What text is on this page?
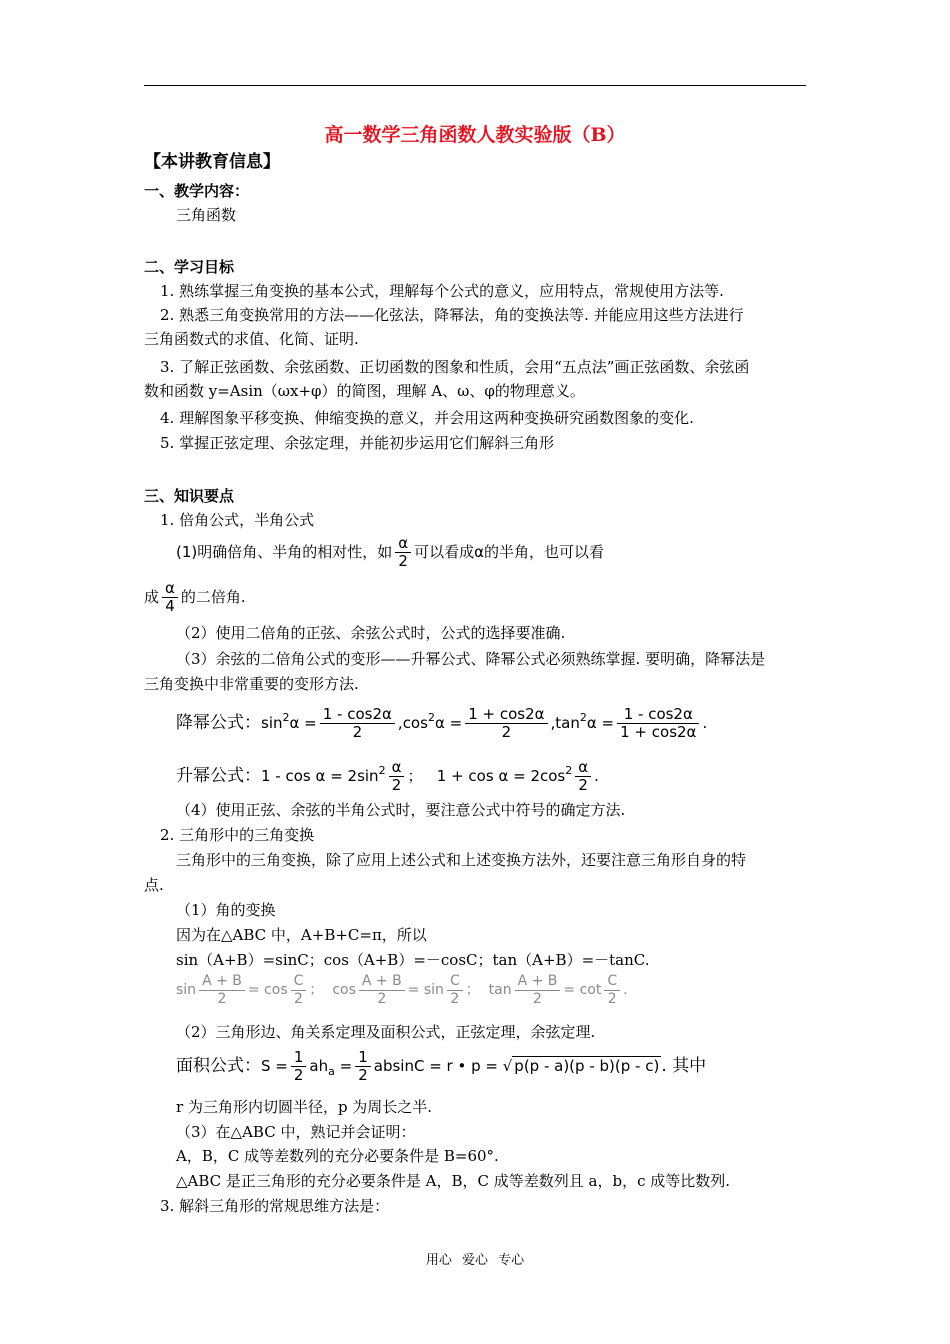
高一数学三角函数人教实验版（B）
【本讲教育信息】
一、教学内容：
三角函数
二、学习目标
1. 熟练掌握三角变换的基本公式，理解每个公式的意义，应用特点，常规使用方法等.
2. 熟悉三角变换常用的方法——化弦法，降幂法，角的变换法等. 并能应用这些方法进行
三角函数式的求值、化简、证明.
3. 了解正弦函数、余弦函数、正切函数的图象和性质，会用“五点法”画正弦函数、余弦函
数和函数 y=Asin（ωx+φ）的简图，理解 A、ω、φ的物理意义。
4. 理解图象平移变换、伸缩变换的意义，并会用这两种变换研究函数图象的变化.
5. 掌握正弦定理、余弦定理，并能初步运用它们解斜三角形
三、知识要点
1. 倍角公式，半角公式
(1)明确倍角、半角的相对性，如 $\frac{\alpha}{2}$ 可以看成α的半角，也可以看
成 $\frac{\alpha}{4}$ 的二倍角.
（2）使用二倍角的正弦、余弦公式时，公式的选择要准确.
（3）余弦的二倍角公式的变形——升幂公式、降幂公式必须熟练掌握. 要明确，降幂法是
三角变换中非常重要的变形方法.
降幂公式：$\sin^2\alpha = \frac{1 - \cos 2\alpha}{2} ,\cos^2\alpha = \frac{1 + \cos 2\alpha}{2} ,\tan^2\alpha = \frac{1 - \cos 2\alpha}{1 + \cos 2\alpha}$ .
升幂公式：$1 - \cos \alpha = 2\sin^2 \frac{\alpha}{2}$ ； $1 + \cos \alpha = 2\cos^2 \frac{\alpha}{2}$ .
（4）使用正弦、余弦的半角公式时，要注意公式中符号的确定方法.
2. 三角形中的三角变换
三角形中的三角变换，除了应用上述公式和上述变换方法外，还要注意三角形自身的特
点.
（1）角的变换
因为在△ABC 中，A+B+C=π，所以
sin（A+B）=sinC；cos（A+B）=－cosC；tan（A+B）=－tanC.
$\sin \frac{A + B}{2} = \cos \frac{C}{2}$ ； $\cos \frac{A + B}{2} = \sin \frac{C}{2}$ ； $\tan \frac{A + B}{2} = \cot \frac{C}{2}$ .
（2）三角形边、角关系定理及面积公式，正弦定理，余弦定理.
面积公式：$S = \frac{1}{2} ah_a = \frac{1}{2}$ absinC = r • p = √ p(p - a)(p - b)(p - c) . 其中
r 为三角形内切圆半径，p 为周长之半.
（3）在△ABC 中，熟记并会证明：
A，B，C 成等差数列的充分必要条件是 B=60°.
△ABC 是正三角形的充分必要条件是 A，B，C 成等差数列且 a，b，c 成等比数列.
3. 解斜三角形的常规思维方法是：
用心 爱心 专心
